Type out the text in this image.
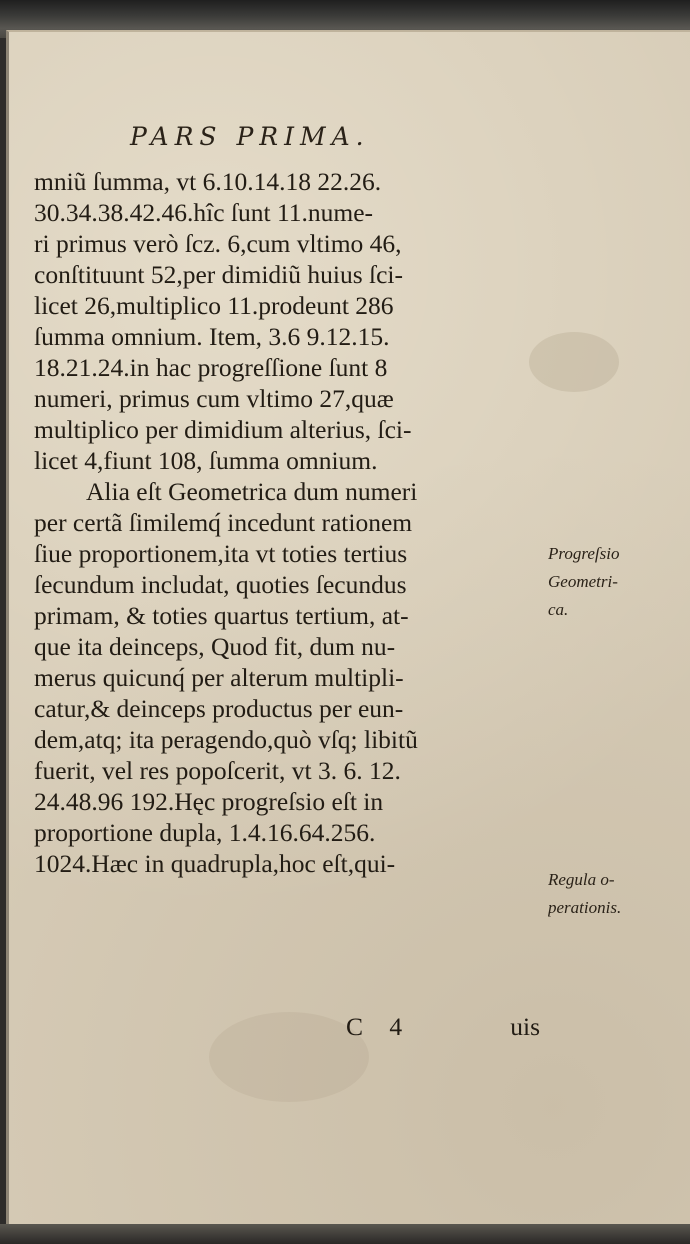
PARS PRIMA.
mniũ ſumma, vt 6.10.14.18 22.26.
30.34.38.42.46.hîc ſunt 11.nume-
ri primus verò ſcz. 6,cum vltimo 46,
conſtituunt 52,per dimidiũ huius ſci-
licet 26,multiplico 11.prodeunt 286
ſumma omnium. Item, 3.6 9.12.15.
18.21.24.in hac progreſſione ſunt 8
numeri, primus cum vltimo 27,quæ
multiplico per dimidium alterius, ſci-
licet 4,fiunt 108, ſumma omnium.
Alia eſt Geometrica dum numeri
per certã ſimilemq́ incedunt rationem
ſiue proportionem,ita vt toties tertius
ſecundum includat, quoties ſecundus
primam, & toties quartus tertium, at-
que ita deinceps, Quod fit, dum nu-
merus quicunq́ per alterum multipli-
catur,& deinceps productus per eun-
dem,atq; ita peragendo,quò vſq; libitũ
fuerit, vel res popoſcerit, vt 3. 6. 12.
24.48.96 192.Hęc progreſsio eſt in
proportione dupla, 1.4.16.64.256.
1024.Hæc in quadrupla,hoc eſt,qui-
Progreſsio
Geometri-
ca.
Regula o-
perationis.
C 4	uis
